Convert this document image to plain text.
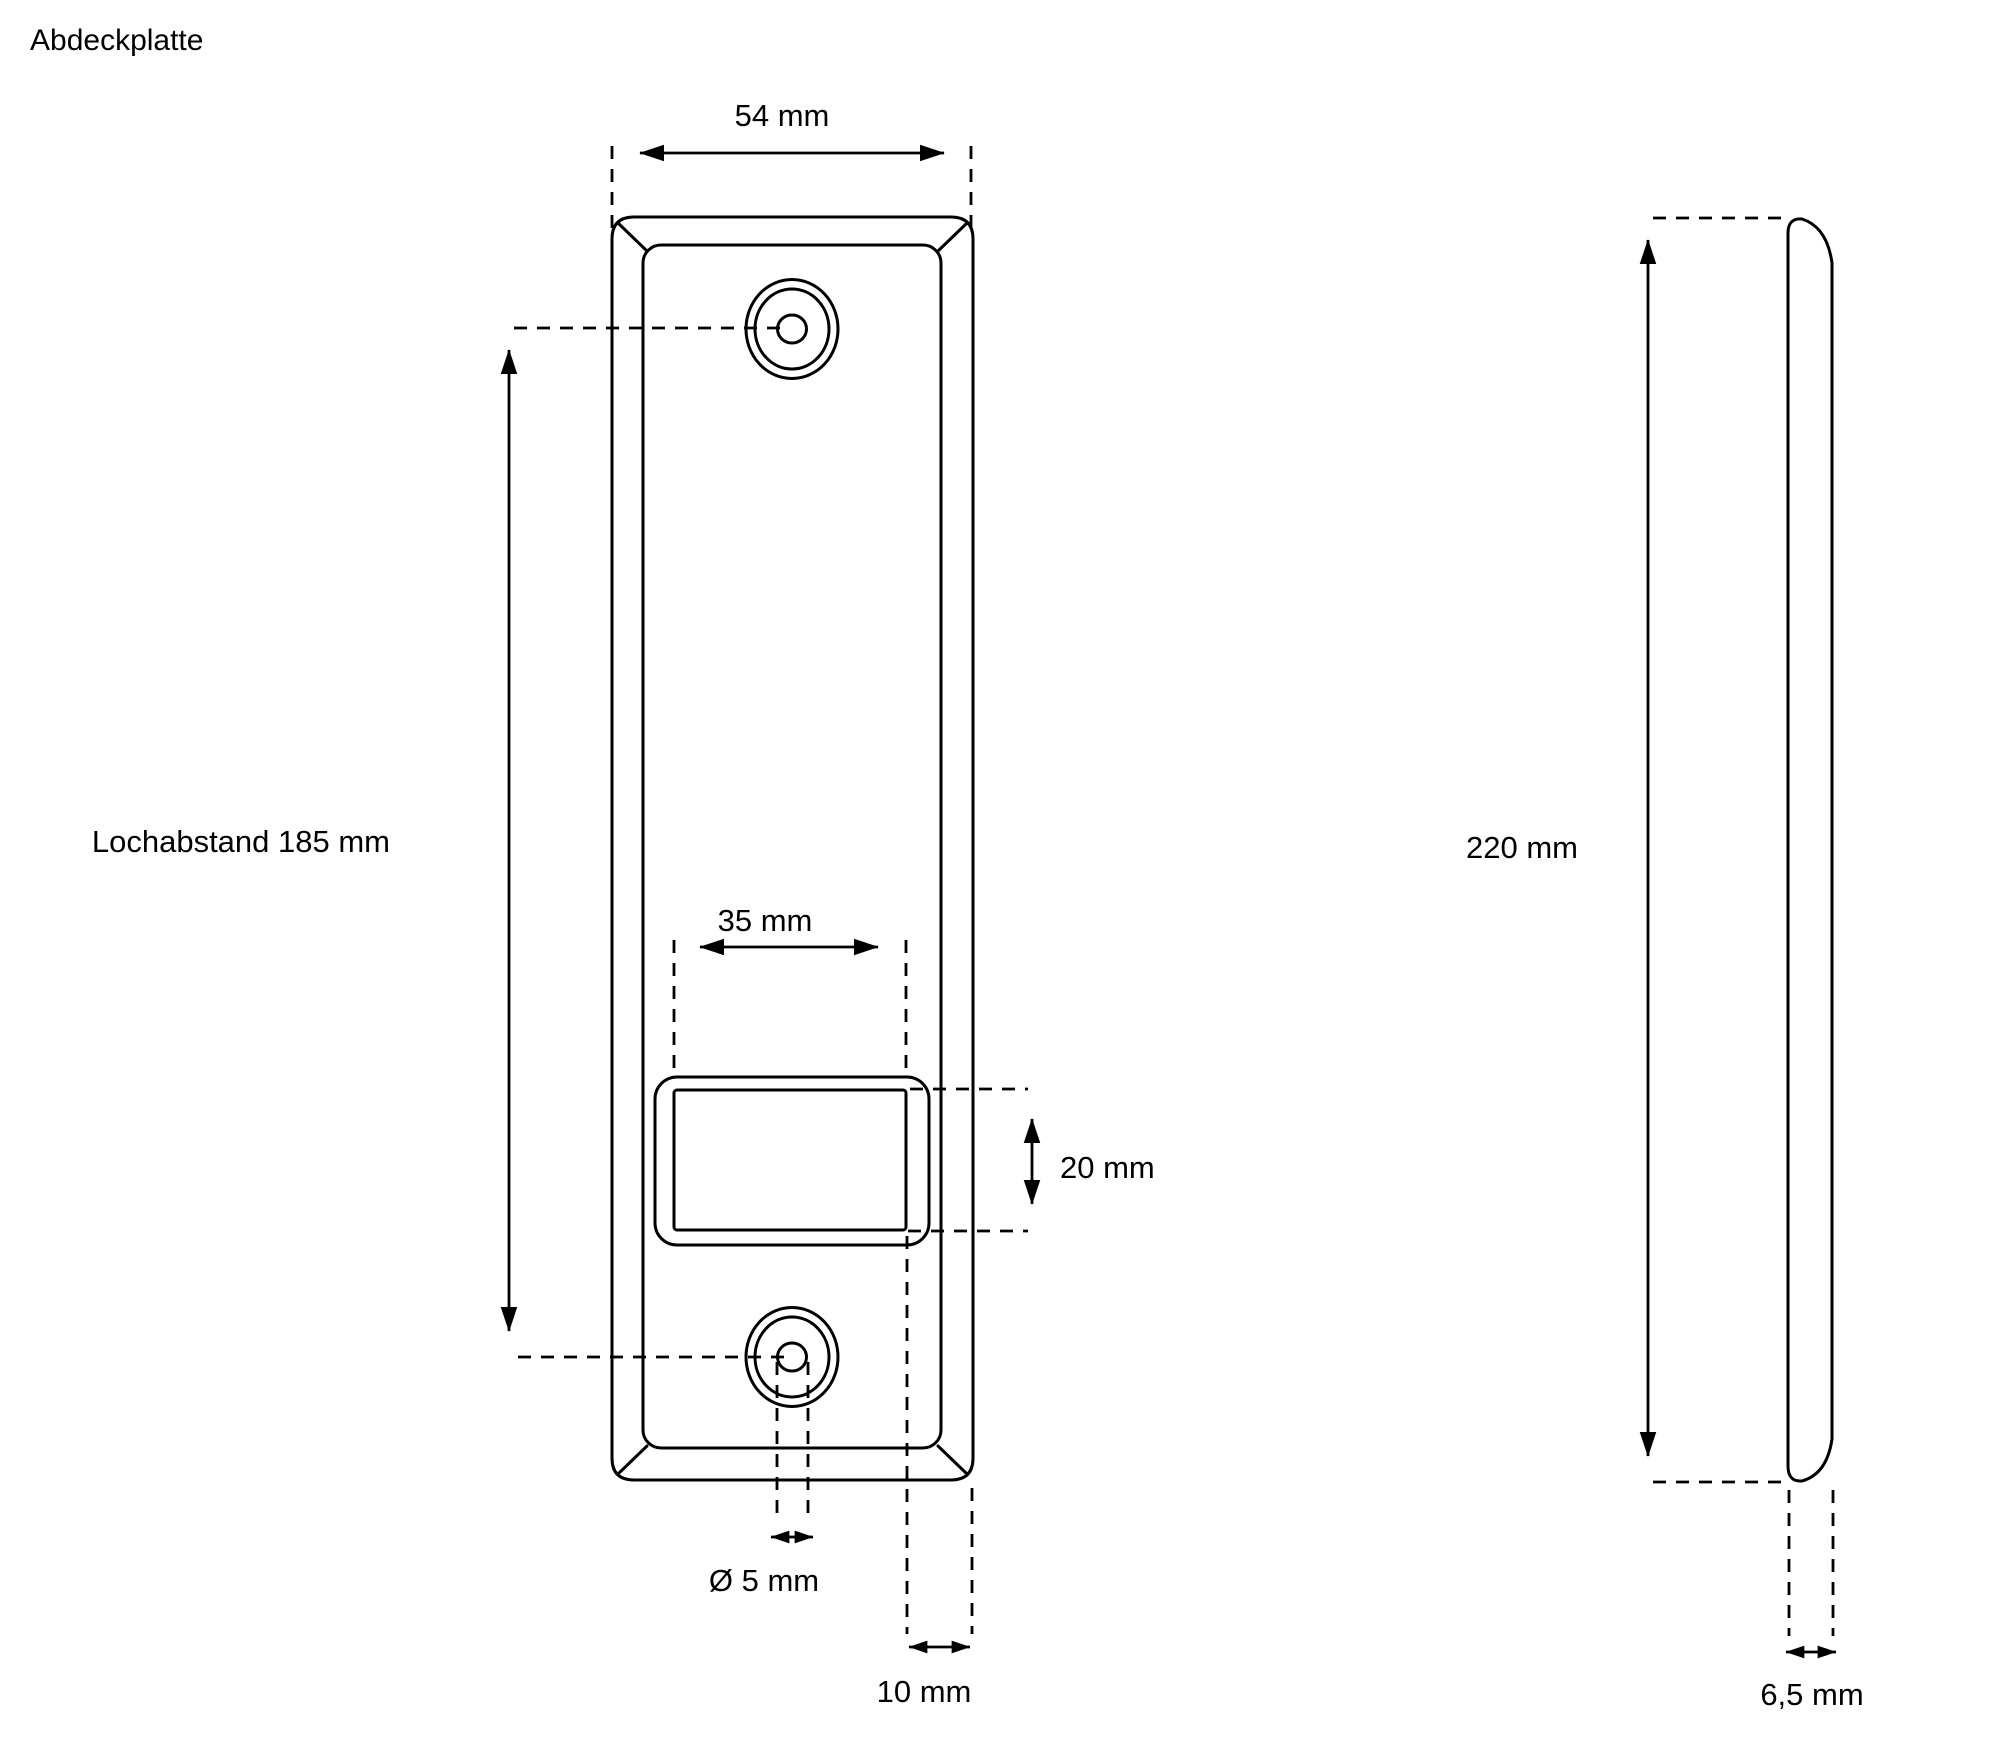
Abdeckplatte
54 mm
Lochabstand 185 mm
35 mm
20 mm
Ø 5 mm
10 mm
220 mm
6,5 mm
